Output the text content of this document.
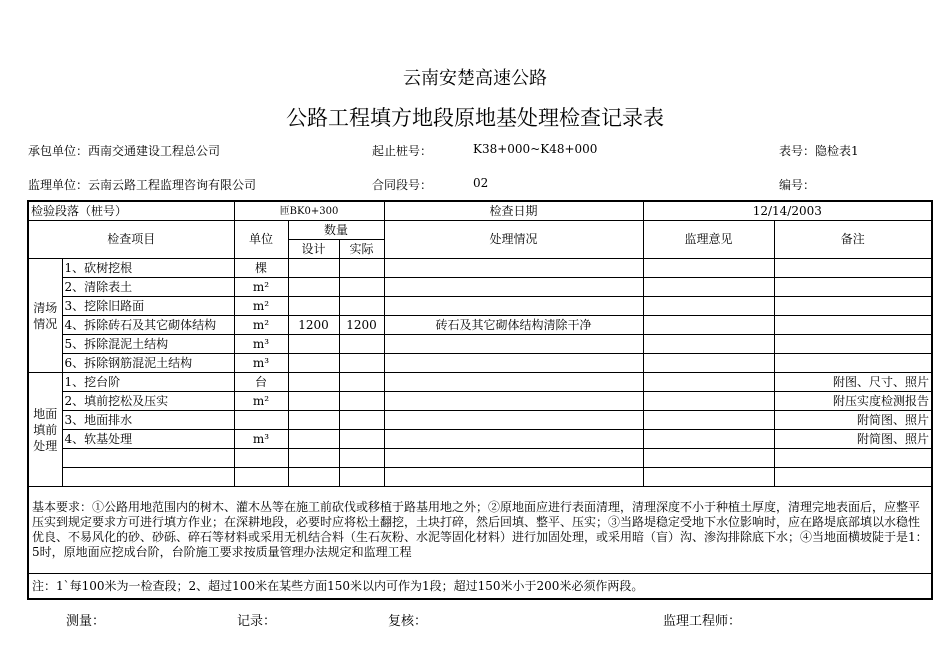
云南安楚高速公路
公路工程填方地段原地基处理检查记录表
承包单位：西南交通建设工程总公司	起止桩号：	K38+000~K48+000	表号：隐检表1
监理单位：云南云路工程监理咨询有限公司	合同段号：	02	编号：
检验段落（桩号）		匝BK0+300			检查日期	12/14/2003	
检查项目		单位	数量		处理情况	监理意见	备注
			设计	实际			
清场情况	1、砍树挖根	棵					
	2、清除表土	m²					
	3、挖除旧路面	m²					
	4、拆除砖石及其它砌体结构	m²	1200	1200	砖石及其它砌体结构清除干净		
	5、拆除混泥土结构	m³					
	6、拆除钢筋混泥土结构	m³					
地面填前处理	1、挖台阶	台					附图、尺寸、照片
	2、填前挖松及压实	m²					附压实度检测报告
	3、地面排水						附简图、照片
	4、软基处理	m³					附简图、照片

基本要求：①公路用地范围内的树木、灌木丛等在施工前砍伐或移植于路基用地之外；②原地面应进行表面清理，清理深度不小于种植土厚度，清理完地表面后，应整平压实到规定要求方可进行填方作业；在深耕地段，必要时应将松土翻挖，土块打碎，然后回填、整平、压实；③当路堤稳定受地下水位影响时，应在路堤底部填以水稳性优良、不易风化的砂、砂砾、碎石等材料或采用无机结合料（生石灰粉、水泥等固化材料）进行加固处理，或采用暗（盲）沟、渗沟排除底下水；④当地面横坡陡于是1：5时，原地面应挖成台阶，台阶施工要求按质量管理办法规定和监理工程							
注：1`每100米为一检查段；2、超过100米在某些方面150米以内可作为1段；超过150米小于200米必须作两段。							
测量：	记录：	复核：	监理工程师：
